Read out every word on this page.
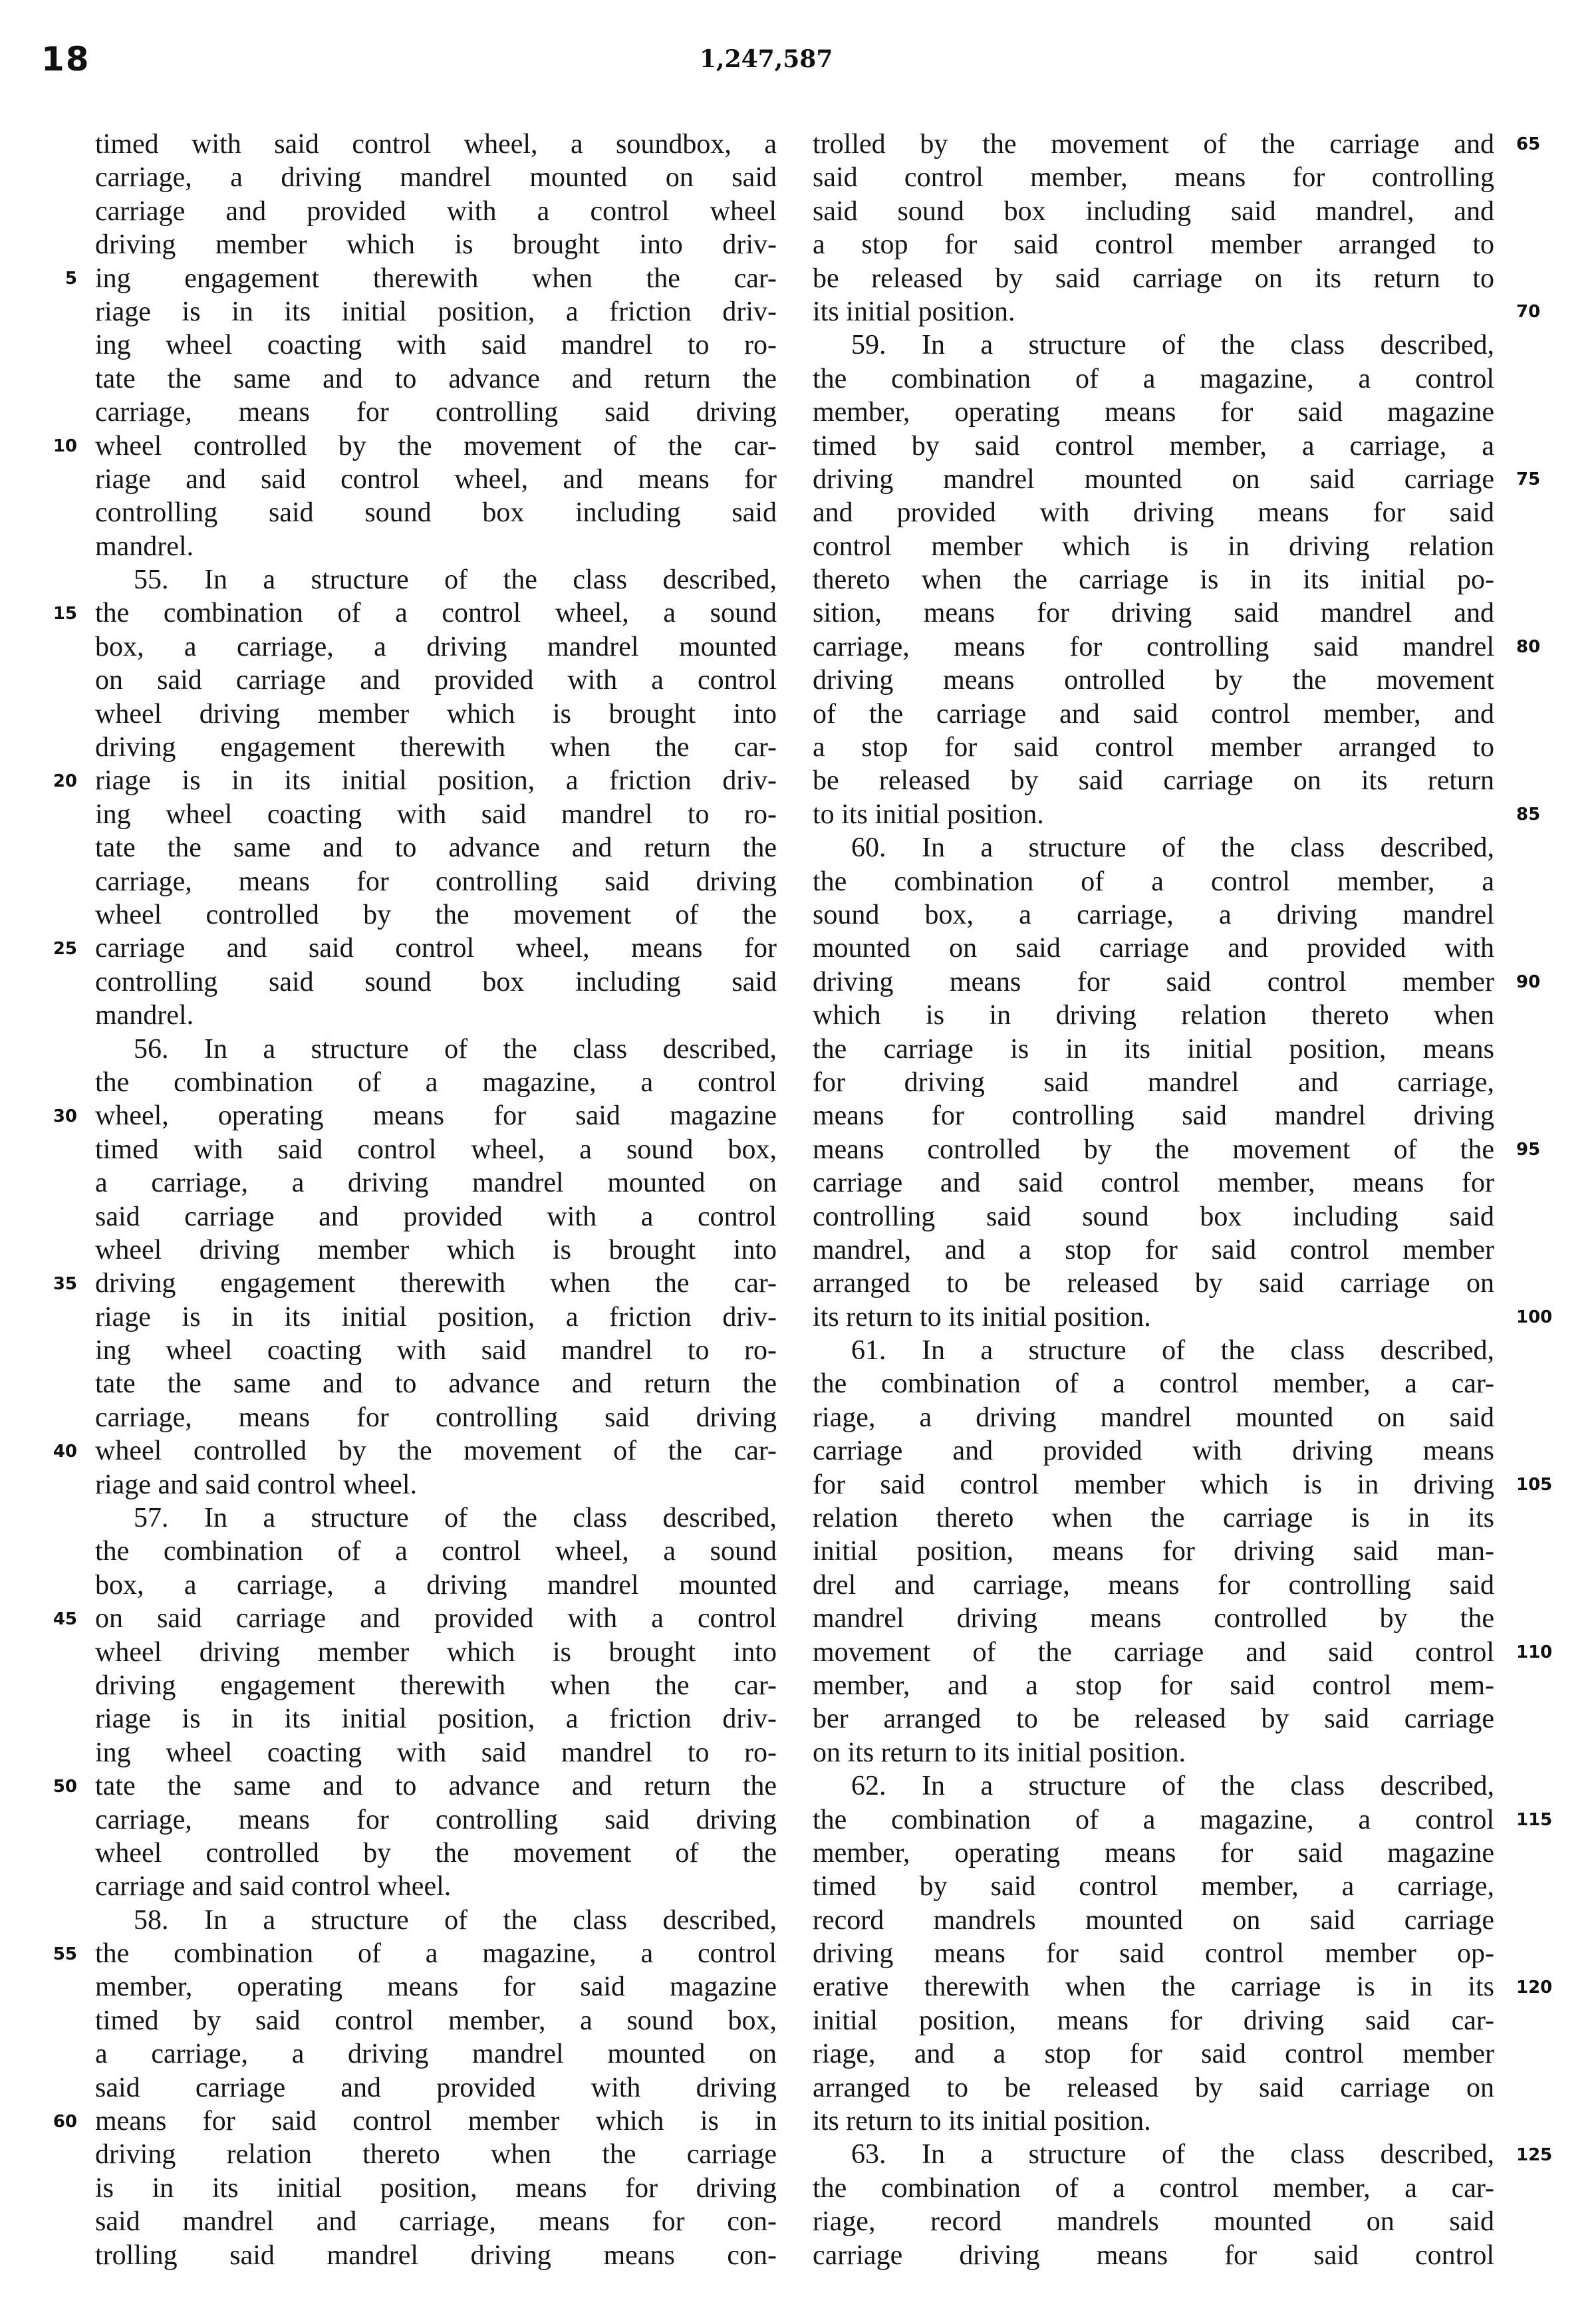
18	1,247,587
timed with said control wheel, a soundbox, a
carriage, a driving mandrel mounted on said
carriage and provided with a control wheel
driving member which is brought into driv-
ing engagement therewith when the car-
riage is in its initial position, a friction driv-
ing wheel coacting with said mandrel to ro-
tate the same and to advance and return the
carriage, means for controlling said driving
wheel controlled by the movement of the car-
riage and said control wheel, and means for
controlling said sound box including said
mandrel.
55. In a structure of the class described,
the combination of a control wheel, a sound
box, a carriage, a driving mandrel mounted
on said carriage and provided with a control
wheel driving member which is brought into
driving engagement therewith when the car-
riage is in its initial position, a friction driv-
ing wheel coacting with said mandrel to ro-
tate the same and to advance and return the
carriage, means for controlling said driving
wheel controlled by the movement of the
carriage and said control wheel, means for
controlling said sound box including said
mandrel.
56. In a structure of the class described,
the combination of a magazine, a control
wheel, operating means for said magazine
timed with said control wheel, a sound box,
a carriage, a driving mandrel mounted on
said carriage and provided with a control
wheel driving member which is brought into
driving engagement therewith when the car-
riage is in its initial position, a friction driv-
ing wheel coacting with said mandrel to ro-
tate the same and to advance and return the
carriage, means for controlling said driving
wheel controlled by the movement of the car-
riage and said control wheel.
57. In a structure of the class described,
the combination of a control wheel, a sound
box, a carriage, a driving mandrel mounted
on said carriage and provided with a control
wheel driving member which is brought into
driving engagement therewith when the car-
riage is in its initial position, a friction driv-
ing wheel coacting with said mandrel to ro-
tate the same and to advance and return the
carriage, means for controlling said driving
wheel controlled by the movement of the
carriage and said control wheel.
58. In a structure of the class described,
the combination of a magazine, a control
member, operating means for said magazine
timed by said control member, a sound box,
a carriage, a driving mandrel mounted on
said carriage and provided with driving
means for said control member which is in
driving relation thereto when the carriage
is in its initial position, means for driving
said mandrel and carriage, means for con-
trolling said mandrel driving means con-
trolled by the movement of the carriage and
said control member, means for controlling
said sound box including said mandrel, and
a stop for said control member arranged to
be released by said carriage on its return to
its initial position.
59. In a structure of the class described,
the combination of a magazine, a control
member, operating means for said magazine
timed by said control member, a carriage, a
driving mandrel mounted on said carriage
and provided with driving means for said
control member which is in driving relation
thereto when the carriage is in its initial po-
sition, means for driving said mandrel and
carriage, means for controlling said mandrel
driving means ontrolled by the movement
of the carriage and said control member, and
a stop for said control member arranged to
be released by said carriage on its return
to its initial position.
60. In a structure of the class described,
the combination of a control member, a
sound box, a carriage, a driving mandrel
mounted on said carriage and provided with
driving means for said control member
which is in driving relation thereto when
the carriage is in its initial position, means
for driving said mandrel and carriage,
means for controlling said mandrel driving
means controlled by the movement of the
carriage and said control member, means for
controlling said sound box including said
mandrel, and a stop for said control member
arranged to be released by said carriage on
its return to its initial position.
61. In a structure of the class described,
the combination of a control member, a car-
riage, a driving mandrel mounted on said
carriage and provided with driving means
for said control member which is in driving
relation thereto when the carriage is in its
initial position, means for driving said man-
drel and carriage, means for controlling said
mandrel driving means controlled by the
movement of the carriage and said control
member, and a stop for said control mem-
ber arranged to be released by said carriage
on its return to its initial position.
62. In a structure of the class described,
the combination of a magazine, a control
member, operating means for said magazine
timed by said control member, a carriage,
record mandrels mounted on said carriage
driving means for said control member op-
erative therewith when the carriage is in its
initial position, means for driving said car-
riage, and a stop for said control member
arranged to be released by said carriage on
its return to its initial position.
63. In a structure of the class described,
the combination of a control member, a car-
riage, record mandrels mounted on said
carriage driving means for said control
5
10
15
20
25
30
35
40
45
50
55
60
65
70
75
80
85
90
95
100
105
110
115
120
125
